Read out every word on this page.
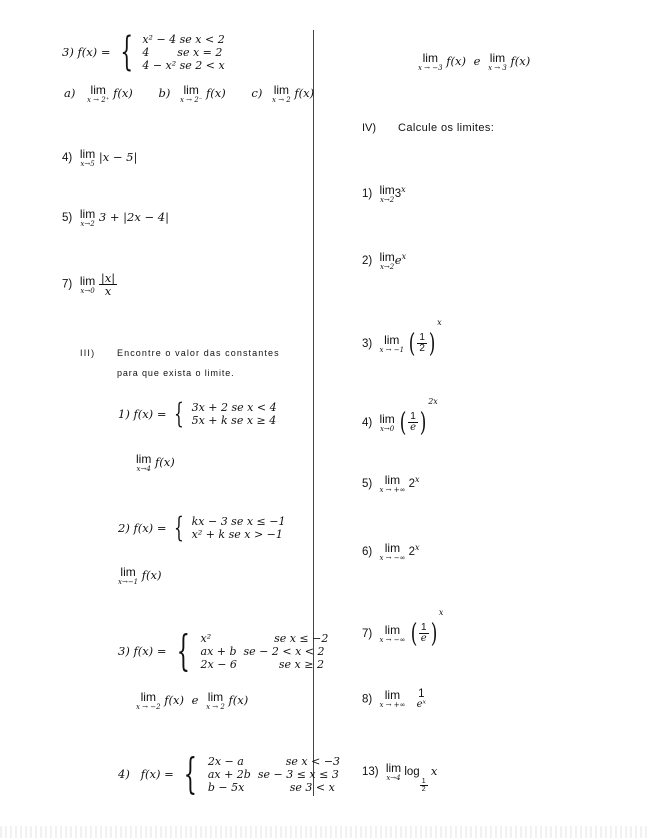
3) f(x) = { x² − 4 se x < 2
4        se x = 2
4 − x² se 2 < x
a) lim
x → 2⁺ f(x) b) lim
x → 2⁻ f(x) c) lim
x → 2 f(x)
4) lim
x→5 |x − 5|
5) lim
x→2 3 + |2x − 4|
7) lim
x→0
$\frac{|x|}{x}$
III) Encontre o valor das constantes
para que exista o limite.
1) f(x) = { 3x + 2 se x < 4
5x + k se x ≥ 4
lim
x→4 f(x)
2) f(x) = { kx − 3 se x ≤ −1
x² + k se x > −1
lim
x→−1 f(x)
3) f(x) = { x²                  se x ≤ −2
ax + b  se − 2 < x < 2
2x − 6            se x ≥ 2
lim
x → −2 f(x) e lim
x → 2 f(x)
4)   f(x) = { 2x − a            se x < −3
ax + 2b  se − 3 ≤ x ≤ 3
b − 5x             se 3 < x
lim
x → −3 f(x) e lim
x → 3 f(x)
IV) Calcule os limites:
1) lim
x→2 3$^x$
2) lim
x→2 $e^x$
3) lim
x → −1 ( $\frac{1}{2} )^x$
4) lim
x→0 ( $\frac{1}{e} )^{2x}$
5) lim
x → +∞ 2$^x$
6) lim
x → −∞ 2$^x$
7) lim
x → −∞ ( $\frac{1}{e} )^x$
8) lim
x → +∞

1
eˣ
13) lim
x→4 log
$\frac{1}{2}$
x
